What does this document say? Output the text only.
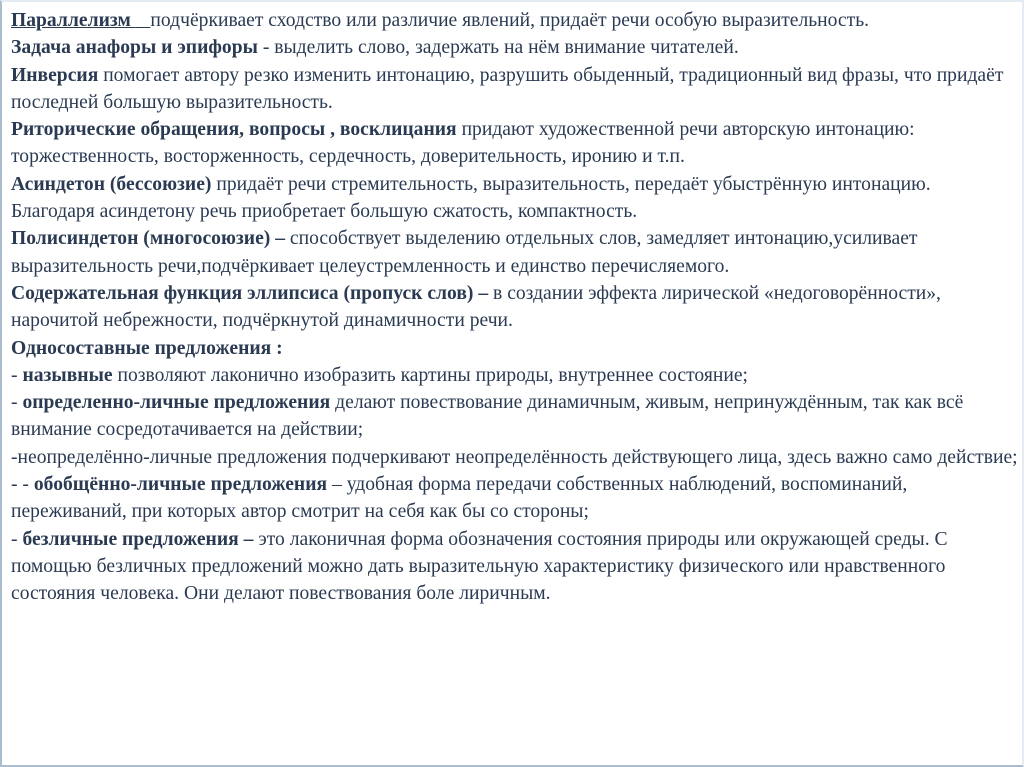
Параллелизм    подчёркивает сходство или различие явлений, придаёт речи особую выразительность.

Задача анафоры и эпифоры - выделить слово, задержать на нём внимание читателей.

Инверсия помогает автору резко изменить интонацию, разрушить обыденный, традиционный вид фразы, что придаёт последней большую выразительность.

Риторические обращения, вопросы , восклицания придают художественной речи авторскую интонацию: торжественность, восторженность, сердечность, доверительность, иронию и т.п.

Асиндетон (бессоюзие) придаёт речи стремительность, выразительность, передаёт убыстрённую интонацию. Благодаря асиндетону речь приобретает большую сжатость, компактность.

Полисиндетон (многосоюзие) – способствует выделению отдельных слов, замедляет интонацию,усиливает выразительность речи,подчёркивает целеустремленность и единство перечисляемого.

Содержательная функция эллипсиса (пропуск слов) – в создании эффекта лирической «недоговорённости», нарочитой небрежности, подчёркнутой динамичности речи.

Односоставные предложения :

- назывные позволяют лаконично изобразить картины природы, внутреннее состояние;

- определенно-личные предложения делают повествование динамичным, живым, непринуждённым, так как всё внимание сосредотачивается на действии;

-неопределённо-личные предложения подчеркивают неопределённость действующего лица, здесь важно само действие;

- - обобщённо-личные предложения – удобная форма передачи собственных наблюдений, воспоминаний, переживаний, при которых автор смотрит на себя как бы со стороны;

- безличные предложения – это лаконичная форма обозначения состояния природы или окружающей среды. С помощью безличных предложений можно дать выразительную характеристику физического или нравственного состояния человека. Они делают повествования боле лиричным.
